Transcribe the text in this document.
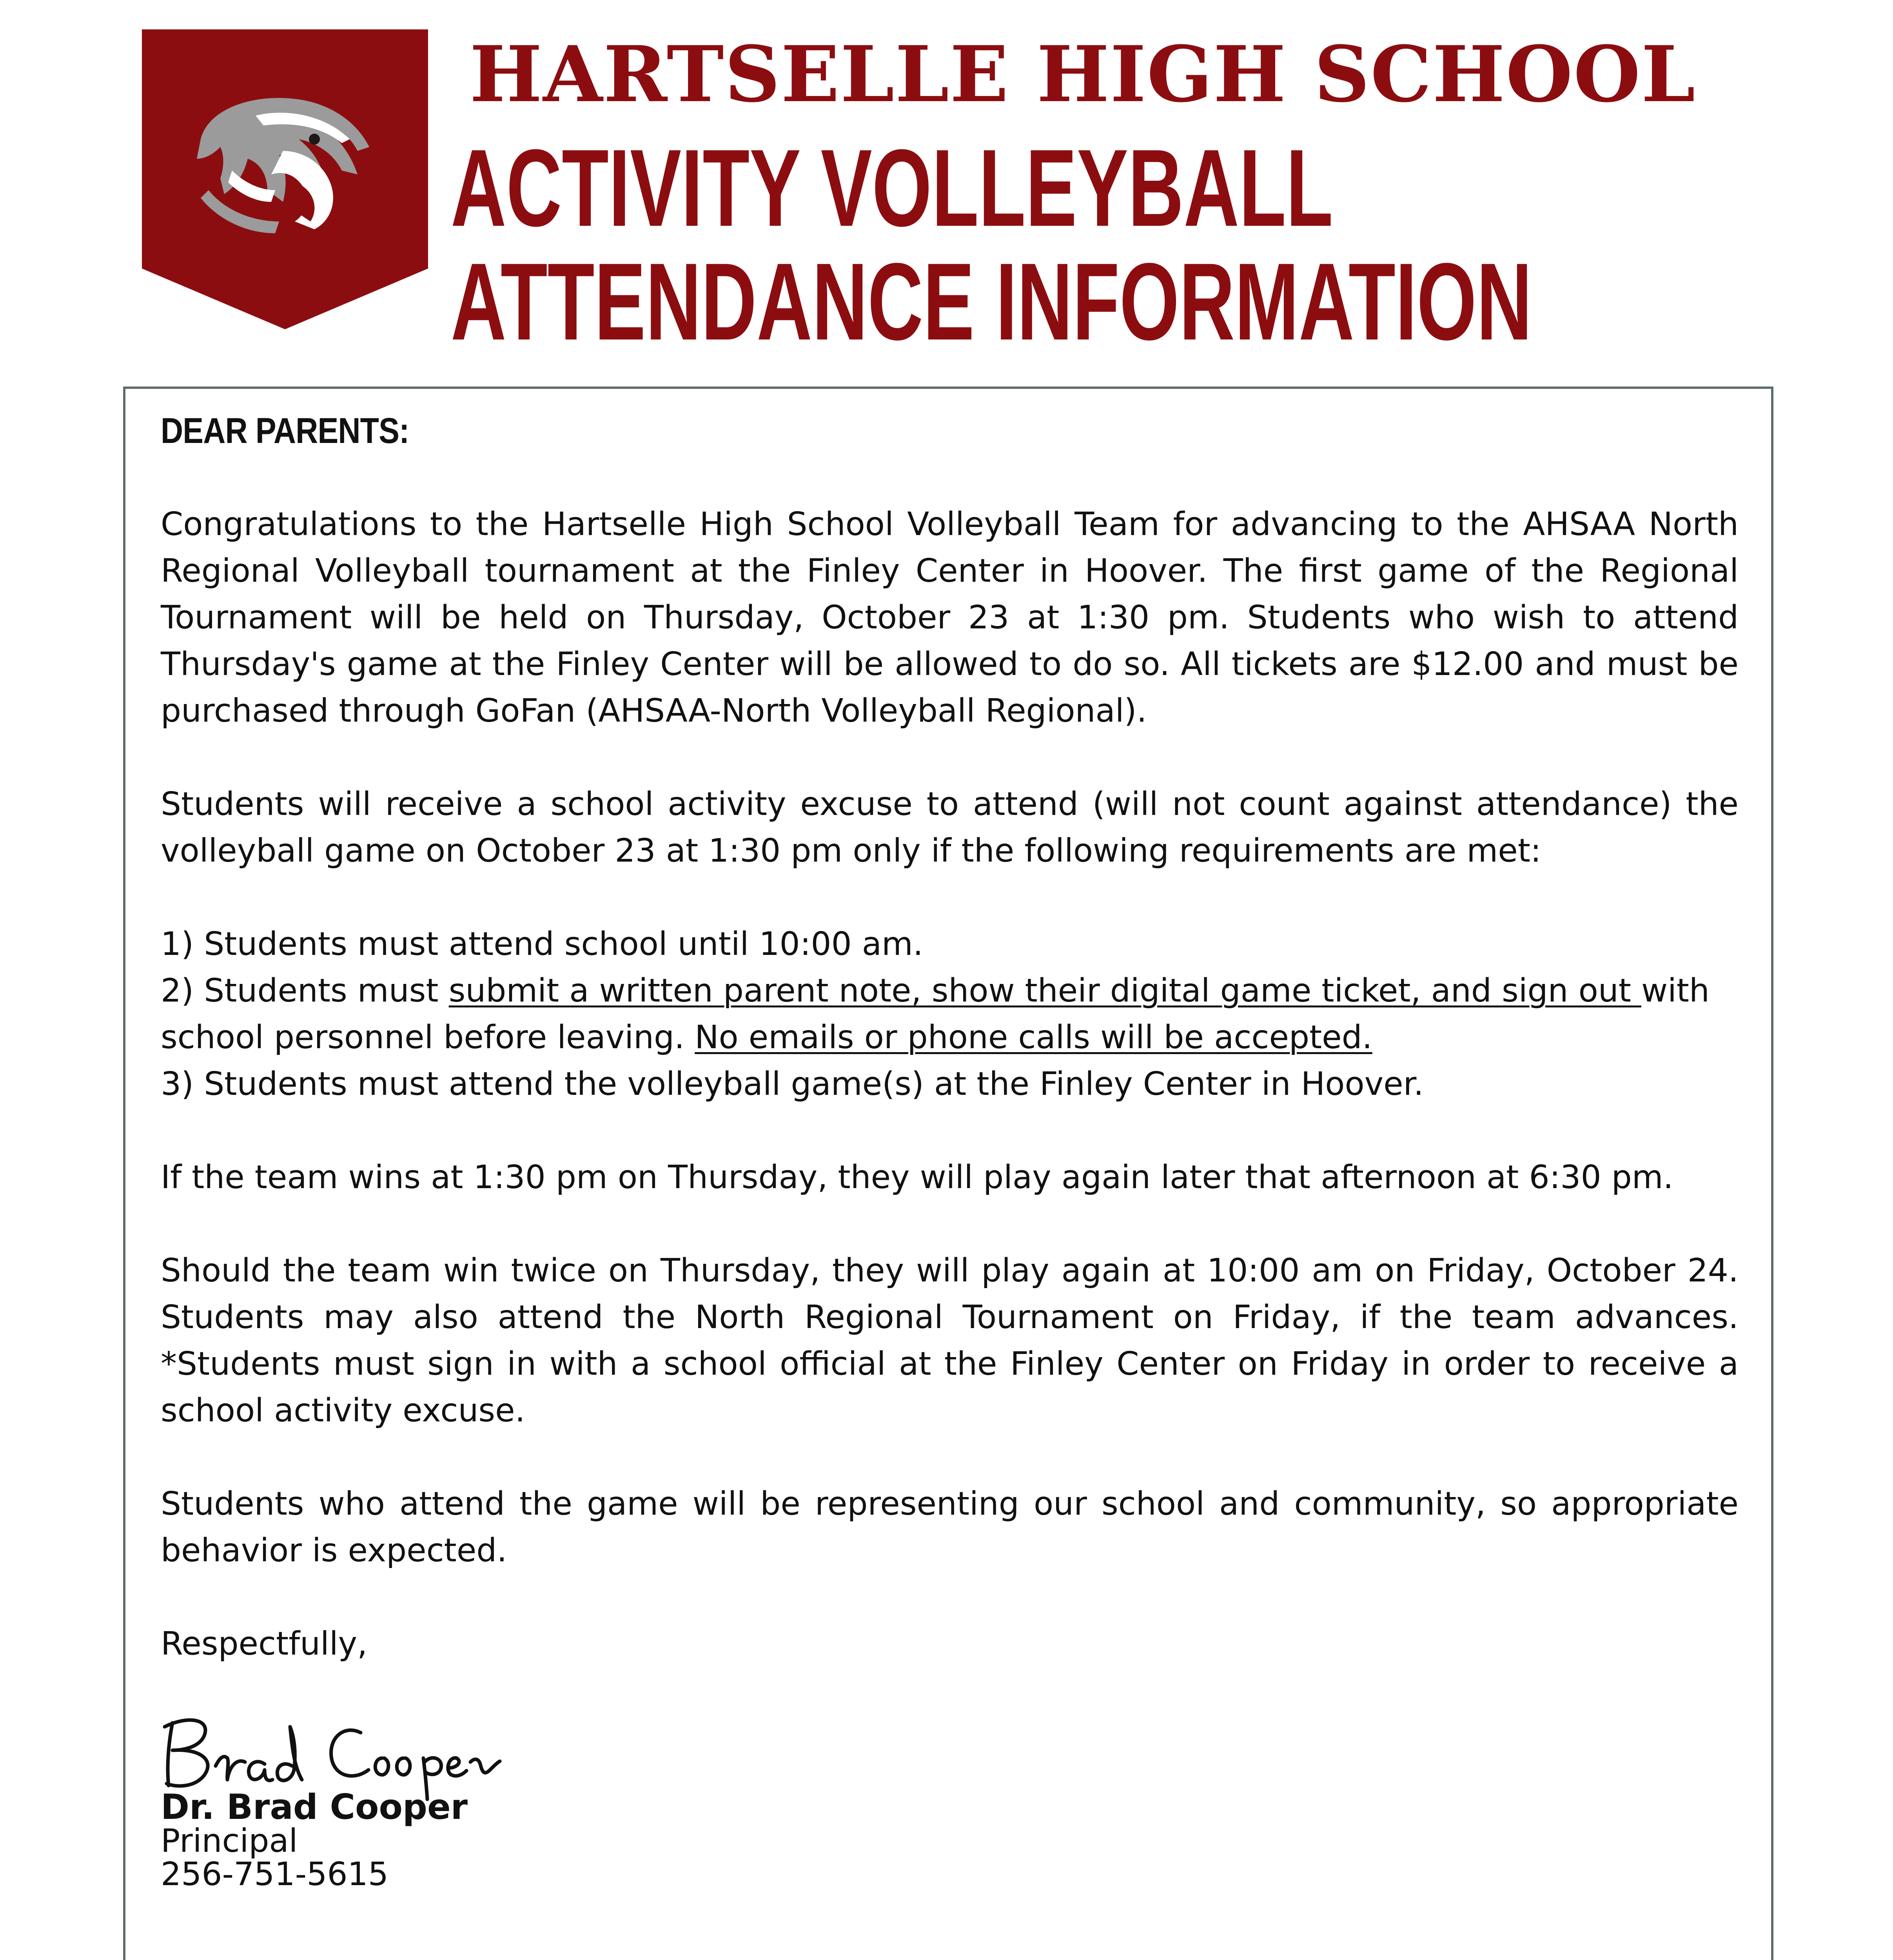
HARTSELLE HIGH SCHOOL
ACTIVITY VOLLEYBALL
ATTENDANCE INFORMATION
DEAR PARENTS:

Congratulations to the Hartselle High School Volleyball Team for advancing to the AHSAA North Regional Volleyball tournament at the Finley Center in Hoover. The first game of the Regional Tournament will be held on Thursday, October 23 at 1:30 pm. Students who wish to attend Thursday's game at the Finley Center will be allowed to do so. All tickets are $12.00 and must be purchased through GoFan (AHSAA-North Volleyball Regional).

Students will receive a school activity excuse to attend (will not count against attendance) the volleyball game on October 23 at 1:30 pm only if the following requirements are met:

1) Students must attend school until 10:00 am.

2) Students must submit a written parent note, show their digital game ticket, and sign out with school personnel before leaving. No emails or phone calls will be accepted.

3) Students must attend the volleyball game(s) at the Finley Center in Hoover.

If the team wins at 1:30 pm on Thursday, they will play again later that afternoon at 6:30 pm.

Should the team win twice on Thursday, they will play again at 10:00 am on Friday, October 24. Students may also attend the North Regional Tournament on Friday, if the team advances. *Students must sign in with a school official at the Finley Center on Friday in order to receive a school activity excuse.

Students who attend the game will be representing our school and community, so appropriate behavior is expected.

Respectfully,

Dr. Brad Cooper
Principal
256-751-5615
